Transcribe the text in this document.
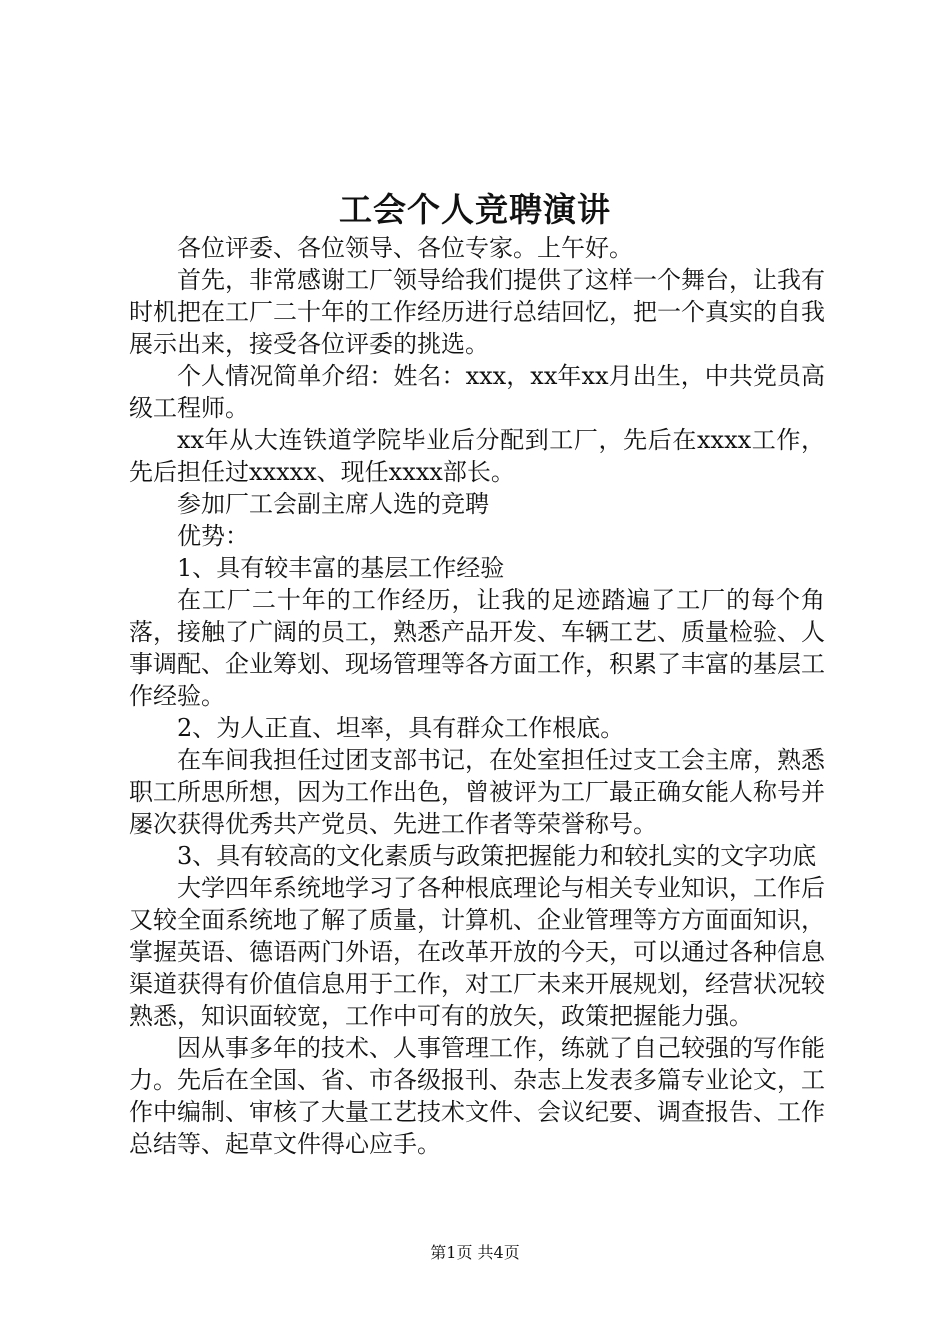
工会个人竞聘演讲

各位评委、各位领导、各位专家。上午好。

首先，非常感谢工厂领导给我们提供了这样一个舞台，让我有时机把在工厂二十年的工作经历进行总结回忆，把一个真实的自我展示出来，接受各位评委的挑选。

个人情况简单介绍：姓名：xxx，xx年xx月出生，中共党员高级工程师。

xx年从大连铁道学院毕业后分配到工厂，先后在xxxx工作，先后担任过xxxxx、现任xxxx部长。

参加厂工会副主席人选的竞聘

优势：

1、具有较丰富的基层工作经验

在工厂二十年的工作经历，让我的足迹踏遍了工厂的每个角落，接触了广阔的员工，熟悉产品开发、车辆工艺、质量检验、人事调配、企业筹划、现场管理等各方面工作，积累了丰富的基层工作经验。

2、为人正直、坦率，具有群众工作根底。

在车间我担任过团支部书记，在处室担任过支工会主席，熟悉职工所思所想，因为工作出色，曾被评为工厂最正确女能人称号并屡次获得优秀共产党员、先进工作者等荣誉称号。

3、具有较高的文化素质与政策把握能力和较扎实的文字功底

大学四年系统地学习了各种根底理论与相关专业知识，工作后又较全面系统地了解了质量，计算机、企业管理等方方面面知识，掌握英语、德语两门外语，在改革开放的今天，可以通过各种信息渠道获得有价值信息用于工作，对工厂未来开展规划，经营状况较熟悉，知识面较宽，工作中可有的放矢，政策把握能力强。

因从事多年的技术、人事管理工作，练就了自己较强的写作能力。先后在全国、省、市各级报刊、杂志上发表多篇专业论文，工作中编制、审核了大量工艺技术文件、会议纪要、调查报告、工作总结等、起草文件得心应手。

第1页 共4页
